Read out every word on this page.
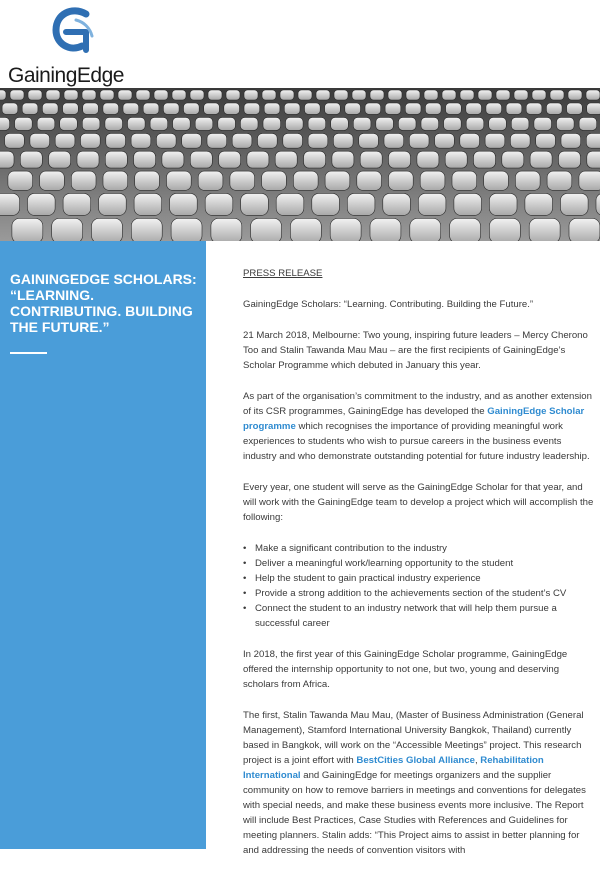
GainingEdge
GAININGEDGE SCHOLARS: “LEARNING. CONTRIBUTING. BUILDING THE FUTURE.”

PRESS RELEASE

GainingEdge Scholars: “Learning. Contributing. Building the Future.”

21 March 2018, Melbourne: Two young, inspiring future leaders – Mercy Cherono Too and Stalin Tawanda Mau Mau – are the first recipients of GainingEdge’s Scholar Programme which debuted in January this year.

As part of the organisation’s commitment to the industry, and as another extension of its CSR programmes, GainingEdge has developed the GainingEdge Scholar programme which recognises the importance of providing meaningful work experiences to students who wish to pursue careers in the business events industry and who demonstrate outstanding potential for future industry leadership.

Every year, one student will serve as the GainingEdge Scholar for that year, and will work with the GainingEdge team to develop a project which will accomplish the following:

• Make a significant contribution to the industry
• Deliver a meaningful work/learning opportunity to the student
• Help the student to gain practical industry experience
• Provide a strong addition to the achievements section of the student’s CV
• Connect the student to an industry network that will help them pursue a successful career

In 2018, the first year of this GainingEdge Scholar programme, GainingEdge offered the internship opportunity to not one, but two, young and deserving scholars from Africa.

The first, Stalin Tawanda Mau Mau, (Master of Business Administration (General Management), Stamford International University Bangkok, Thailand) currently based in Bangkok, will work on the “Accessible Meetings” project. This research project is a joint effort with BestCities Global Alliance, Rehabilitation International and GainingEdge for meetings organizers and the supplier community on how to remove barriers in meetings and conventions for delegates with special needs, and make these business events more inclusive. The Report will include Best Practices, Case Studies with References and Guidelines for meeting planners. Stalin adds: “This Project aims to assist in better planning for and addressing the needs of convention visitors with
